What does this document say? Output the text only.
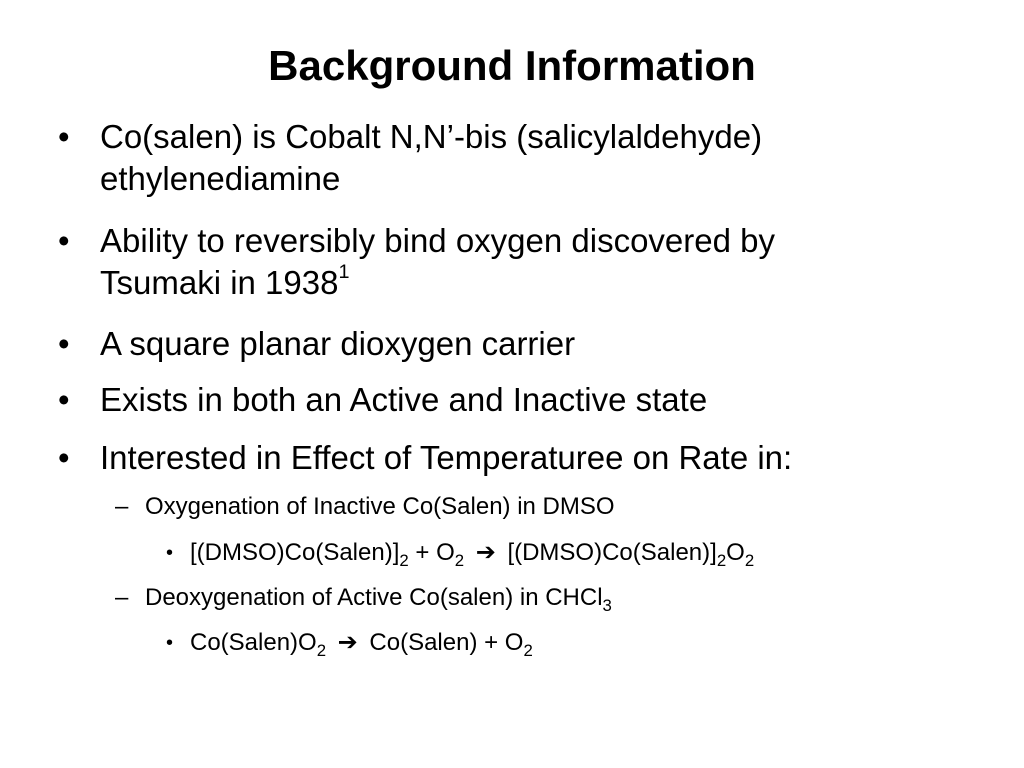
Background Information
• Co(salen) is Cobalt N,N’-bis (salicylaldehyde)
ethylenediamine
• Ability to reversibly bind oxygen discovered by
Tsumaki in 1938$^1$
• A square planar dioxygen carrier
• Exists in both an Active and Inactive state
• Interested in Effect of Temperaturee on Rate in:
– Oxygenation of Inactive Co(Salen) in DMSO
• $[(DMSO)Co(Salen)]_2 + O_2$ ➔ $[(DMSO)Co(Salen)]_2O_2$
– Deoxygenation of Active Co(salen) in CHCl$_3$
• $Co(Salen)O_2$ ➔ Co(Salen) + $O_2$
